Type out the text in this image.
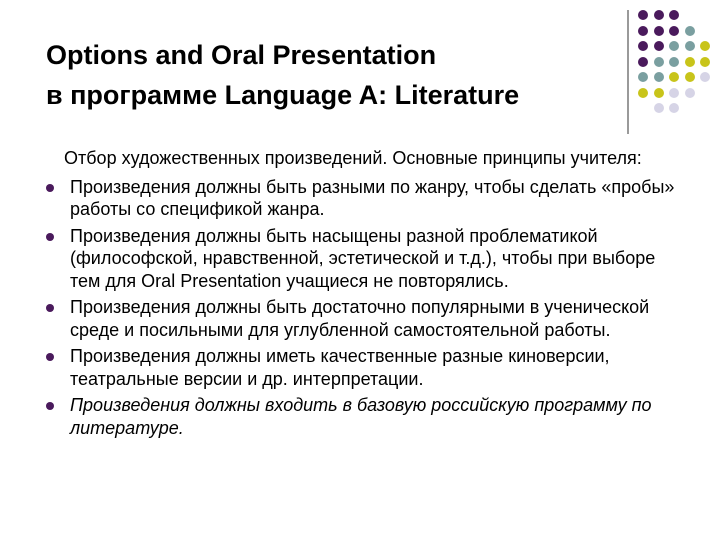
Options and Oral Presentation
в программе Language A: Literature
Отбор художественных произведений. Основные принципы учителя:
Произведения должны быть разными по жанру, чтобы сделать «пробы» работы со спецификой жанра.
Произведения должны быть насыщены разной проблематикой (философской, нравственной, эстетической и т.д.), чтобы при выборе тем для Oral Presentation учащиеся не повторялись.
Произведения должны быть достаточно популярными в ученической среде и посильными для углубленной самостоятельной работы.
Произведения должны иметь качественные разные киноверсии, театральные версии и др. интерпретации.
Произведения должны входить в базовую российскую программу по литературе.
